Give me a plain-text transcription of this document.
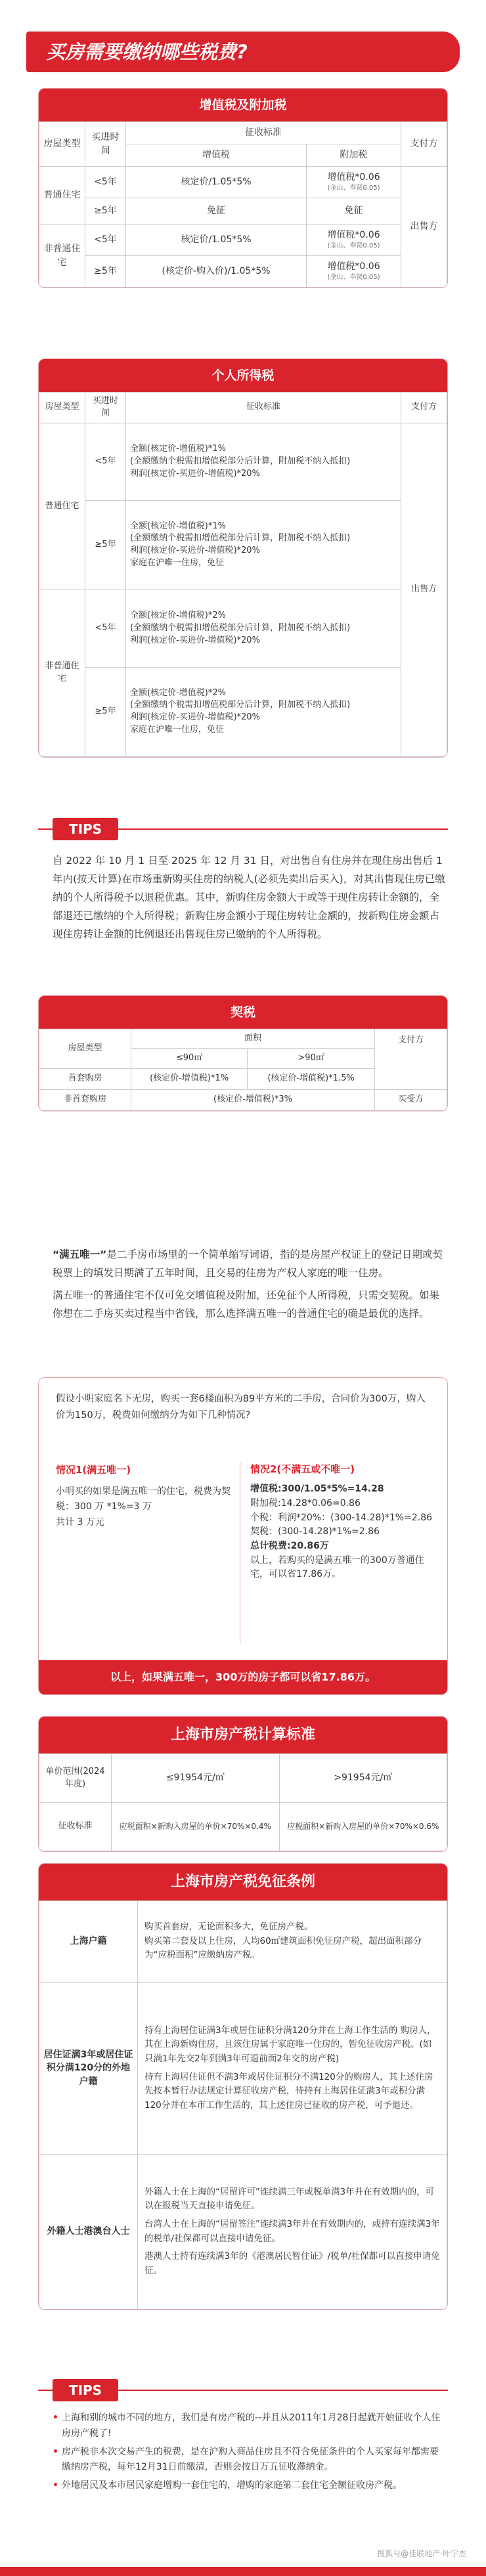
买房需要缴纳哪些税费?
增值税及附加税
房屋类型	买进时间	征收标准		支付方
		增值税	附加税	
普通住宅	<5年	核定价/1.05*5%	增值税*0.06
(金山、奉贤0.05)	出售方
	≥5年	免征	免征	
非普通住宅	<5年	核定价/1.05*5%	增值税*0.06
(金山、奉贤0.05)	

	≥5年	(核定价-购入价)/1.05*5%	增值税*0.06
(金山、奉贤0.05)	
个人所得税
房屋类型	买进时间	征收标准	支付方
普通住宅	<5年	全额(核定价-增值税)*1%
(全额缴纳个税需扣增值税部分后计算，附加税不纳入抵扣)
利润(核定价-买进价-增值税)*20%	出售方
	≥5年	全额(核定价-增值税)*1%
(全额缴纳个税需扣增值税部分后计算，附加税不纳入抵扣)
利润(核定价-买进价-增值税)*20%
家庭在沪唯一住房，免征	

非普通住宅	<5年	全额(核定价-增值税)*2%
(全额缴纳个税需扣增值税部分后计算，附加税不纳入抵扣)
利润(核定价-买进价-增值税)*20%	

	≥5年	全额(核定价-增值税)*2%
(全额缴纳个税需扣增值税部分后计算，附加税不纳入抵扣)
利润(核定价-买进价-增值税)*20%
家庭在沪唯一住房，免征	
TIPS
自 2022 年 10 月 1 日至 2025 年 12 月 31 日，对出售自有住房并在现住房出售后 1 年内(按天计算)在市场重新购买住房的纳税人(必须先卖出后买入)，对其出售现住房已缴纳的个人所得税予以退税优惠。其中，新购住房金额大于或等于现住房转让金额的，全部退还已缴纳的个人所得税；新购住房金额小于现住房转让金额的，按新购住房金额占现住房转让金额的比例退还出售现住房已缴纳的个人所得税。
契税
房屋类型	面积		支付方
	≤90㎡	>90㎡	
首套购房	(核定价-增值税)*1%	(核定价-增值税)*1.5%	
非首套购房	(核定价-增值税)*3%		买受方

“满五唯一”是二手房市场里的一个简单缩写词语，指的是房屋产权证上的登记日期或契税票上的填发日期满了五年时间，且交易的住房为产权人家庭的唯一住房。

满五唯一的普通住宅不仅可免交增值税及附加，还免征个人所得税，只需交契税。如果你想在二手房买卖过程当中省钱，那么选择满五唯一的普通住宅的确是最优的选择。

假设小明家庭名下无房，购买一套6楼面积为89平方米的二手房，合同价为300万，购入价为150万，税费如何缴纳分为如下几种情况?
情况1(满五唯一)
小明买的如果是满五唯一的住宅，税费为契税：300 万 *1%=3 万
共计 3 万元
情况2(不满五或不唯一)
增值税:300/1.05*5%=14.28
附加税:14.28*0.06=0.86
个税：利润*20%：(300-14.28)*1%=2.86
契税：(300-14.28)*1%=2.86
总计税费:20.86万
以上，若购买的是满五唯一的300万普通住宅，可以省17.86万。
以上，如果满五唯一，300万的房子都可以省17.86万。
上海市房产税计算标准
单价范围(2024年度)	≤91954元/㎡	>91954元/㎡
征收标准	应税面积×新购入房屋的单价×70%×0.4%	应税面积×新购入房屋的单价×70%×0.6%
上海市房产税免征条例
上海户籍	购买首套房，无论面积多大，免征房产税。
购买第二套及以上住房，人均60㎡建筑面积免征房产税，超出面积部分为“应税面积”应缴纳房产税。

居住证满3年或居住证积分满120分的外地户籍	持有上海居住证满3年或居住证积分满120分并在上海工作生活的 购房人，其在上海新购住房，且该住房属于家庭唯一住房的，暂免征收房产税。(如只满1年先交2年到满3年可退前面2年交的房产税)
持有上海居住证但不满3年或居住证积分不满120分的购房人，其上述住房先按本暂行办法规定计算征收房产税，待持有上海居住证满3年或积分满120分并在本市工作生活的，其上述住房已征收的房产税，可予退还。

外籍人士港澳台人士	外籍人士在上海的“居留许可”连续满三年或税单满3年并在有效期内的，可以在报税当天直接申请免征。
台湾人士在上海的“居留签注”连续满3年并在有效期内的，或持有连续满3年的税单/社保都可以直接申请免征。
港澳人士持有连续满3年的《港澳居民暂住证》/税单/社保都可以直接申请免征。
TIPS
• 上海和别的城市不同的地方，我们是有房产税的--并且从2011年1月28日起就开始征收个人住房房产税了!
• 房产税非本次交易产生的税费，是在沪购入商品住房且不符合免征条件的个人买家每年都需要缴纳房产税，每年12月31日前缴清，否则会按日万五征收滞纳金。
• 外地居民及本市居民家庭增购一套住宅的，增购的家庭第二套住宅全额征收房产税。
搜狐号@佳联地产·叶宇杰
